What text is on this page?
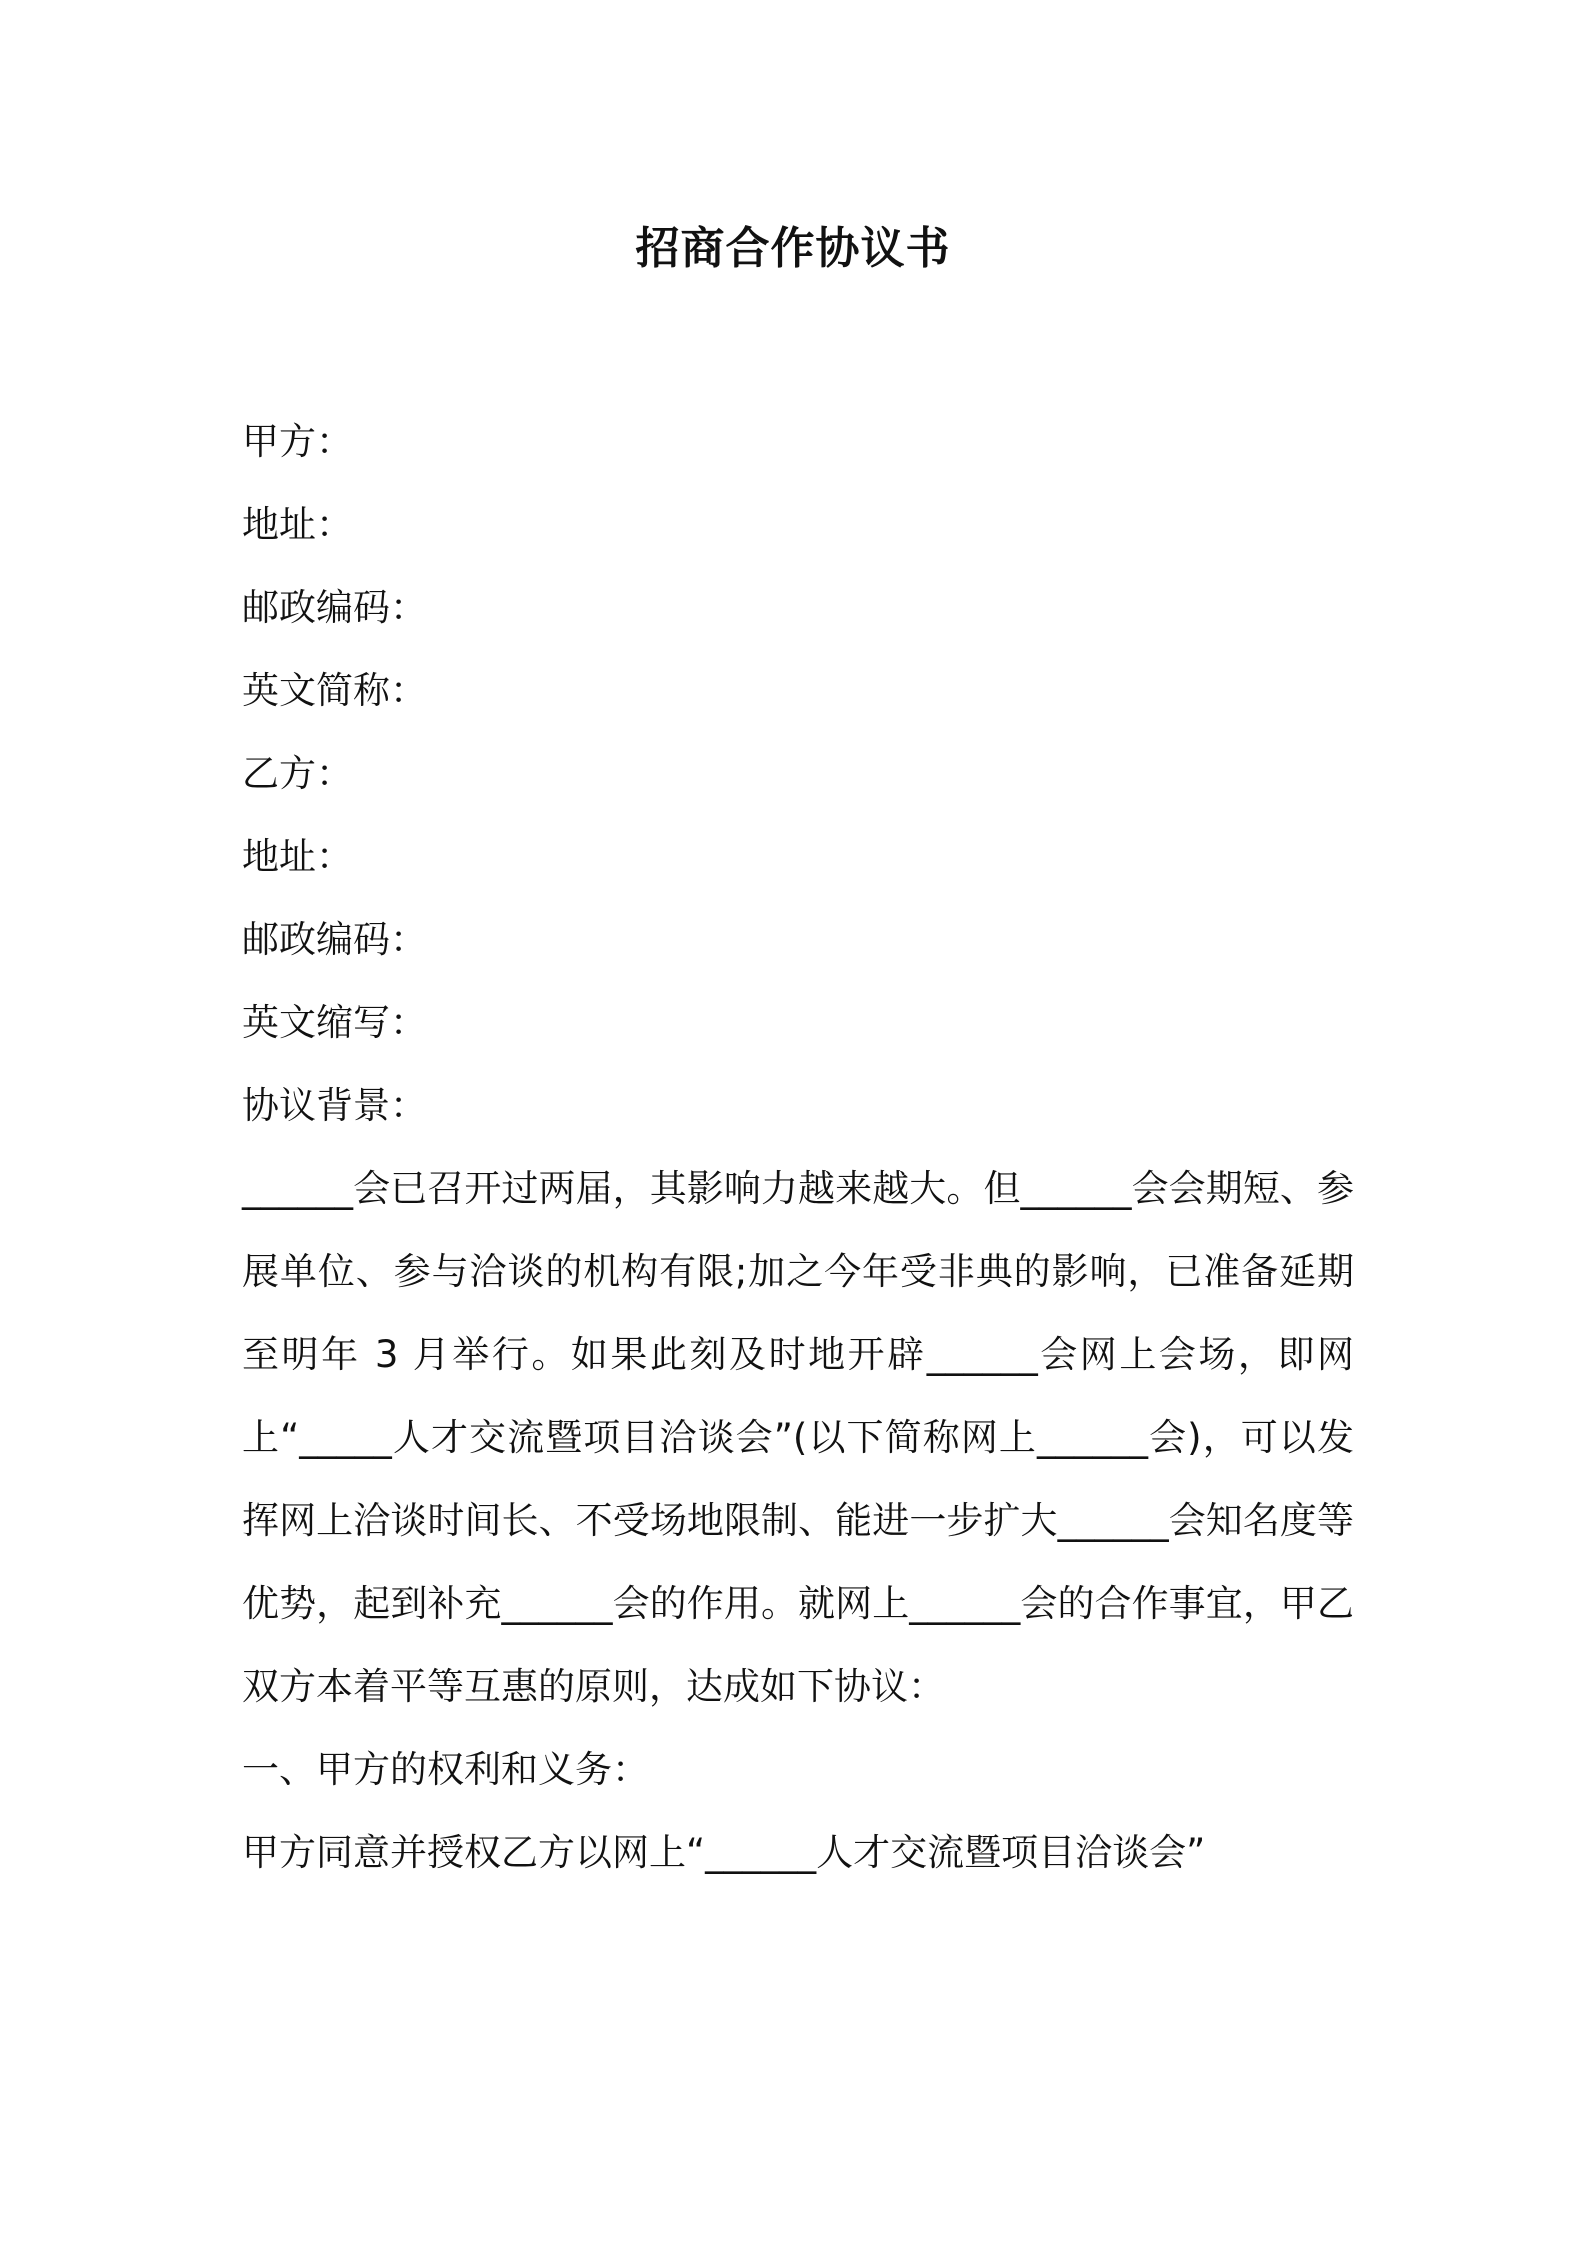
招商合作协议书
甲方：
地址：
邮政编码：
英文简称：
乙方：
地址：
邮政编码：
英文缩写：
协议背景：
______会已召开过两届，其影响力越来越大。但______会会期短、参展单位、参与洽谈的机构有限;加之今年受非典的影响，已准备延期至明年 3 月举行。如果此刻及时地开辟______会网上会场，即网上“_____人才交流暨项目洽谈会”(以下简称网上______会)，可以发挥网上洽谈时间长、不受场地限制、能进一步扩大______会知名度等优势，起到补充______会的作用。就网上______会的合作事宜，甲乙双方本着平等互惠的原则，达成如下协议：
一、甲方的权利和义务：
甲方同意并授权乙方以网上“______人才交流暨项目洽谈会”
